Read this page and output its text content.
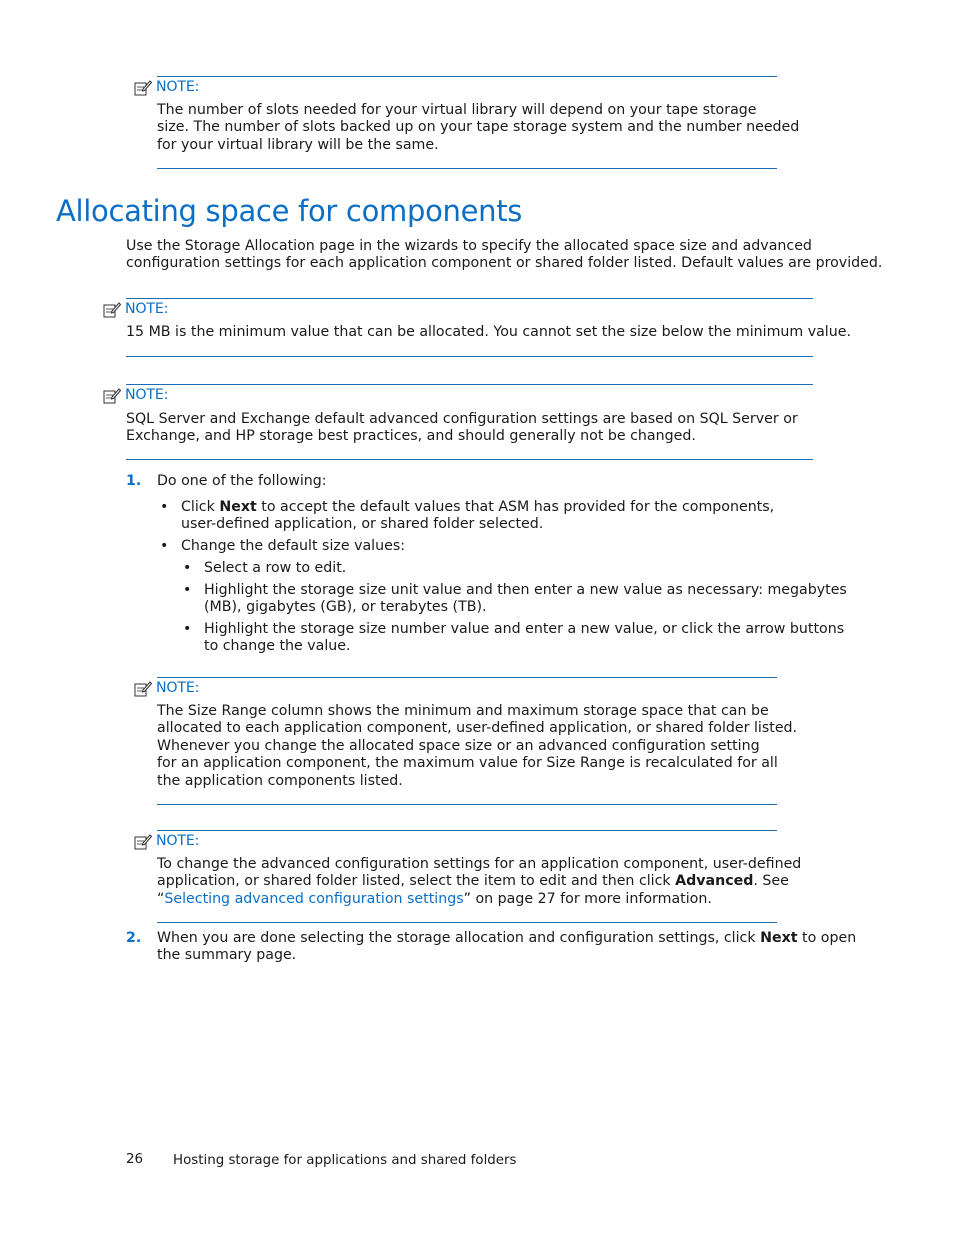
NOTE:
The number of slots needed for your virtual library will depend on your tape storage
size. The number of slots backed up on your tape storage system and the number needed
for your virtual library will be the same.
Allocating space for components
Use the Storage Allocation page in the wizards to specify the allocated space size and advanced
configuration settings for each application component or shared folder listed. Default values are provided.
NOTE:
15 MB is the minimum value that can be allocated. You cannot set the size below the minimum value.
NOTE:
SQL Server and Exchange default advanced configuration settings are based on SQL Server or
Exchange, and HP storage best practices, and should generally not be changed.
1. Do one of the following:
• Click Next to accept the default values that ASM has provided for the components,
user-defined application, or shared folder selected.
• Change the default size values:
• Select a row to edit.
• Highlight the storage size unit value and then enter a new value as necessary: megabytes
(MB), gigabytes (GB), or terabytes (TB).
• Highlight the storage size number value and enter a new value, or click the arrow buttons
to change the value.
NOTE:
The Size Range column shows the minimum and maximum storage space that can be
allocated to each application component, user-defined application, or shared folder listed.
Whenever you change the allocated space size or an advanced configuration setting
for an application component, the maximum value for Size Range is recalculated for all
the application components listed.
NOTE:
To change the advanced configuration settings for an application component, user-defined
application, or shared folder listed, select the item to edit and then click Advanced. See
“Selecting advanced configuration settings” on page 27 for more information.
2. When you are done selecting the storage allocation and configuration settings, click Next to open
the summary page.
26 Hosting storage for applications and shared folders
